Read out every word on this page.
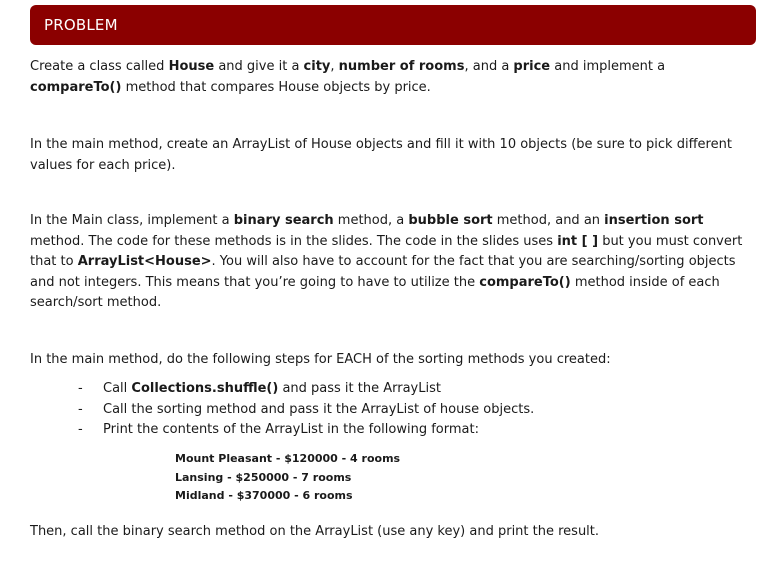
PROBLEM

Create a class called House and give it a city, number of rooms, and a price and implement a compareTo() method that compares House objects by price.

In the main method, create an ArrayList of House objects and fill it with 10 objects (be sure to pick different values for each price).

In the Main class, implement a binary search method, a bubble sort method, and an insertion sort method. The code for these methods is in the slides. The code in the slides uses int [ ] but you must convert that to ArrayList<House>. You will also have to account for the fact that you are searching/sorting objects and not integers. This means that you’re going to have to utilize the compareTo() method inside of each search/sort method.

In the main method, do the following steps for EACH of the sorting methods you created:

- Call Collections.shuffle() and pass it the ArrayList
- Call the sorting method and pass it the ArrayList of house objects.
- Print the contents of the ArrayList in the following format:
Mount Pleasant - $120000 - 4 rooms
Lansing - $250000 - 7 rooms
Midland - $370000 - 6 rooms

Then, call the binary search method on the ArrayList (use any key) and print the result.
